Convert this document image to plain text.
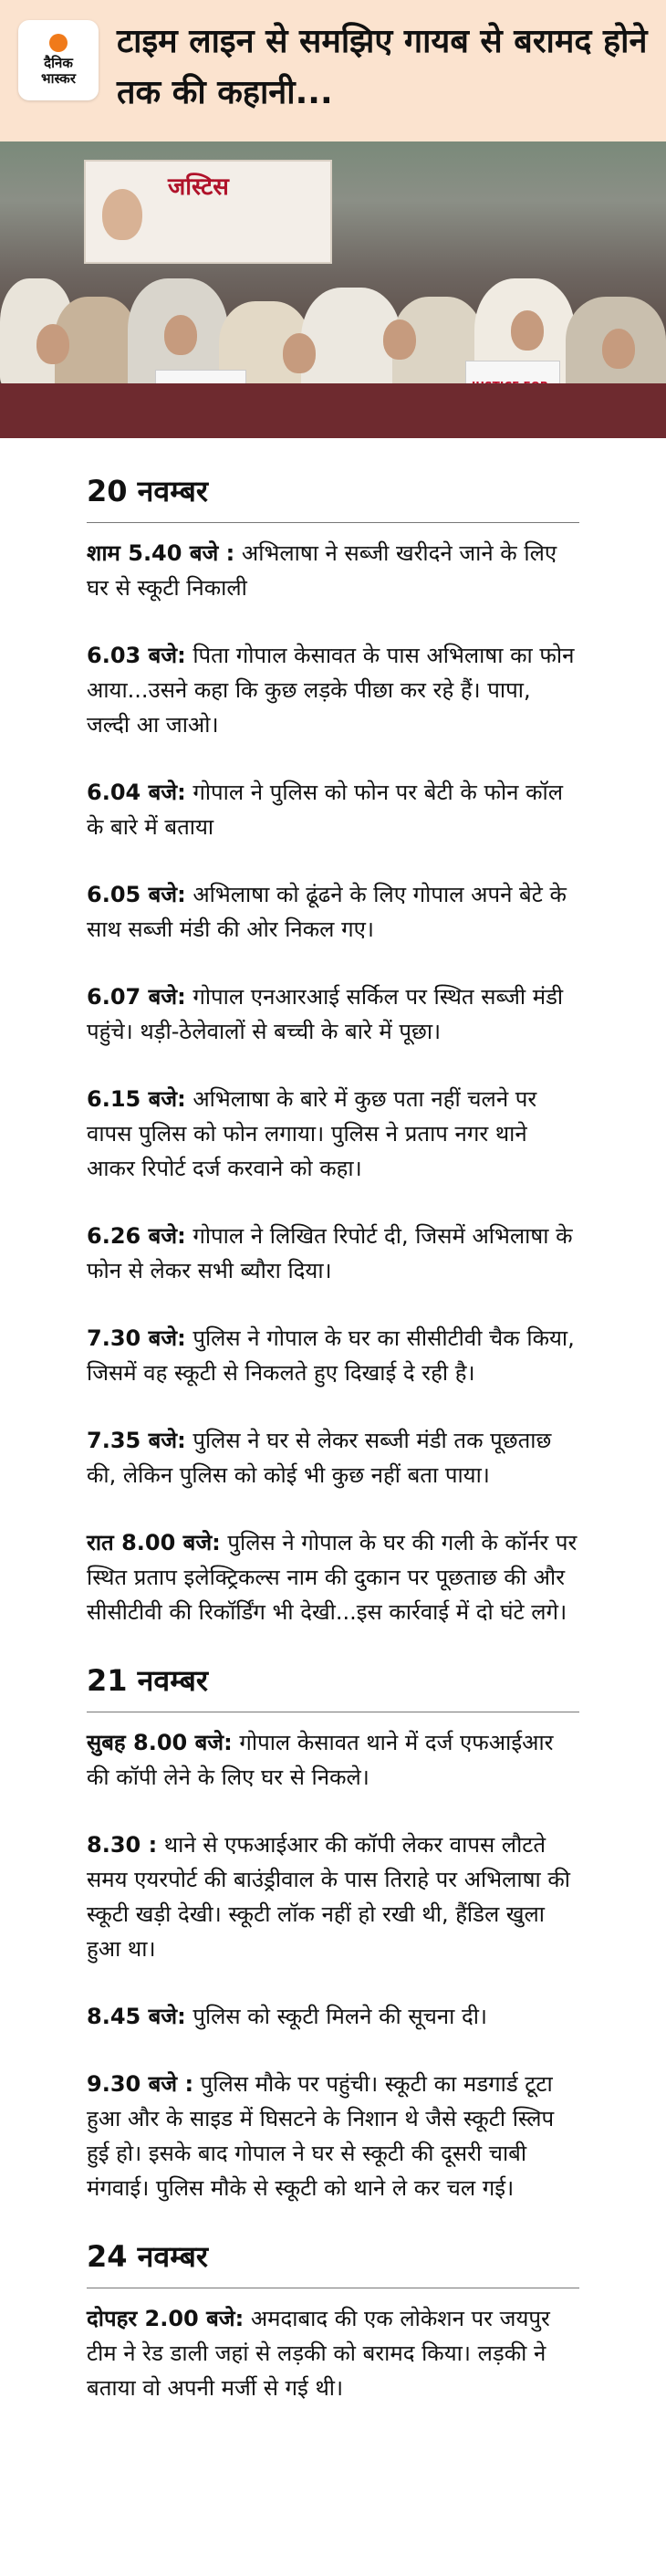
दैनिक
भास्कर
टाइम लाइन से समझिए गायब से बरामद होने तक की कहानी...
जस्टिस
20 नवम्बर
शाम 5.40 बजे : अभिलाषा ने सब्जी खरीदने जाने के लिए घर से स्कूटी निकाली
6.03 बजे: पिता गोपाल केसावत के पास अभिलाषा का फोन आया...उसने कहा कि कुछ लड़के पीछा कर रहे हैं। पापा, जल्दी आ जाओ।
6.04 बजे: गोपाल ने पुलिस को फोन पर बेटी के फोन कॉल के बारे में बताया
6.05 बजे: अभिलाषा को ढूंढने के लिए गोपाल अपने बेटे के साथ सब्जी मंडी की ओर निकल गए।
6.07 बजे: गोपाल एनआरआई सर्किल पर स्थित सब्जी मंडी पहुंचे। थड़ी-ठेलेवालों से बच्ची के बारे में पूछा।
6.15 बजे: अभिलाषा के बारे में कुछ पता नहीं चलने पर वापस पुलिस को फोन लगाया। पुलिस ने प्रताप नगर थाने आकर रिपोर्ट दर्ज करवाने को कहा।
6.26 बजे: गोपाल ने लिखित रिपोर्ट दी, जिसमें अभिलाषा के फोन से लेकर सभी ब्यौरा दिया।
7.30 बजे: पुलिस ने गोपाल के घर का सीसीटीवी चैक किया, जिसमें वह स्कूटी से निकलते हुए दिखाई दे रही है।
7.35 बजे: पुलिस ने घर से लेकर सब्जी मंडी तक पूछताछ की, लेकिन पुलिस को कोई भी कुछ नहीं बता पाया।
रात 8.00 बजे: पुलिस ने गोपाल के घर की गली के कॉर्नर पर स्थित प्रताप इलेक्ट्रिकल्स नाम की दुकान पर पूछताछ की और सीसीटीवी की रिकॉर्डिंग भी देखी...इस कार्रवाई में दो घंटे लगे।
21 नवम्बर
सुबह 8.00 बजे: गोपाल केसावत थाने में दर्ज एफआईआर की कॉपी लेने के लिए घर से निकले।
8.30 : थाने से एफआईआर की कॉपी लेकर वापस लौटते समय एयरपोर्ट की बाउंड्रीवाल के पास तिराहे पर अभिलाषा की स्कूटी खड़ी देखी। स्कूटी लॉक नहीं हो रखी थी, हैंडिल खुला हुआ था।
8.45 बजे: पुलिस को स्कूटी मिलने की सूचना दी।
9.30 बजे : पुलिस मौके पर पहुंची। स्कूटी का मडगार्ड टूटा हुआ और के साइड में घिसटने के निशान थे जैसे स्कूटी स्लिप हुई हो। इसके बाद गोपाल ने घर से स्कूटी की दूसरी चाबी मंगवाई। पुलिस मौके से स्कूटी को थाने ले कर चल गई।
24 नवम्बर
दोपहर 2.00 बजे: अमदाबाद की एक लोकेशन पर जयपुर टीम ने रेड डाली जहां से लड़की को बरामद किया। लड़की ने बताया वो अपनी मर्जी से गई थी।
